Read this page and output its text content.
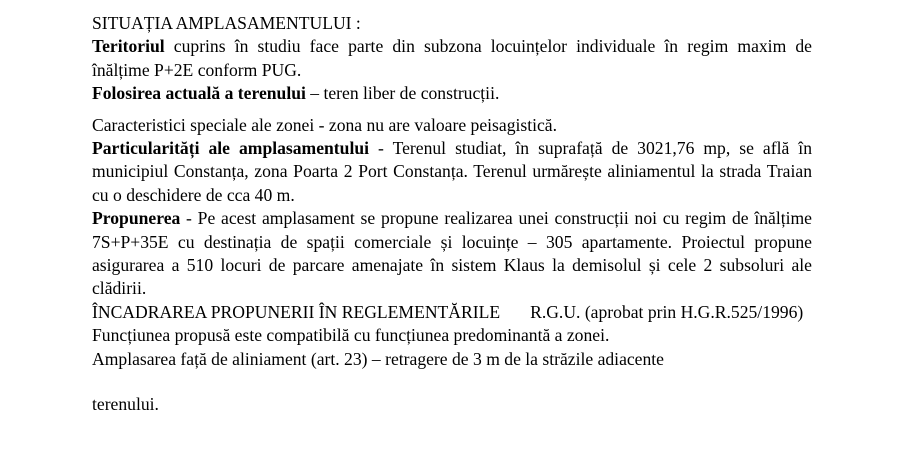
SITUAȚIA AMPLASAMENTULUI :

Teritoriul cuprins în studiu face parte din subzona locuințelor individuale în regim maxim de înălțime P+2E conform PUG.

Folosirea actuală a terenului – teren liber de construcții.

Caracteristici speciale ale zonei - zona nu are valoare peisagistică.

Particularități ale amplasamentului - Terenul studiat, în suprafață de 3021,76 mp, se află în municipiul Constanța, zona Poarta 2 Port Constanța. Terenul urmărește aliniamentul la strada Traian cu o deschidere de cca 40 m.

Propunerea - Pe acest amplasament se propune realizarea unei construcții noi cu regim de înălțime 7S+P+35E cu destinația de spații comerciale și locuințe – 305 apartamente. Proiectul propune asigurarea a 510 locuri de parcare amenajate în sistem Klaus la demisolul și cele 2 subsoluri ale clădirii.

ÎNCADRAREA PROPUNERII ÎN REGLEMENTĂRILE R.G.U. (aprobat prin H.G.R.525/1996)

Funcțiunea propusă este compatibilă cu funcțiunea predominantă a zonei.

Amplasarea față de aliniament (art. 23) – retragere de 3 m de la străzile adiacente

terenului.
